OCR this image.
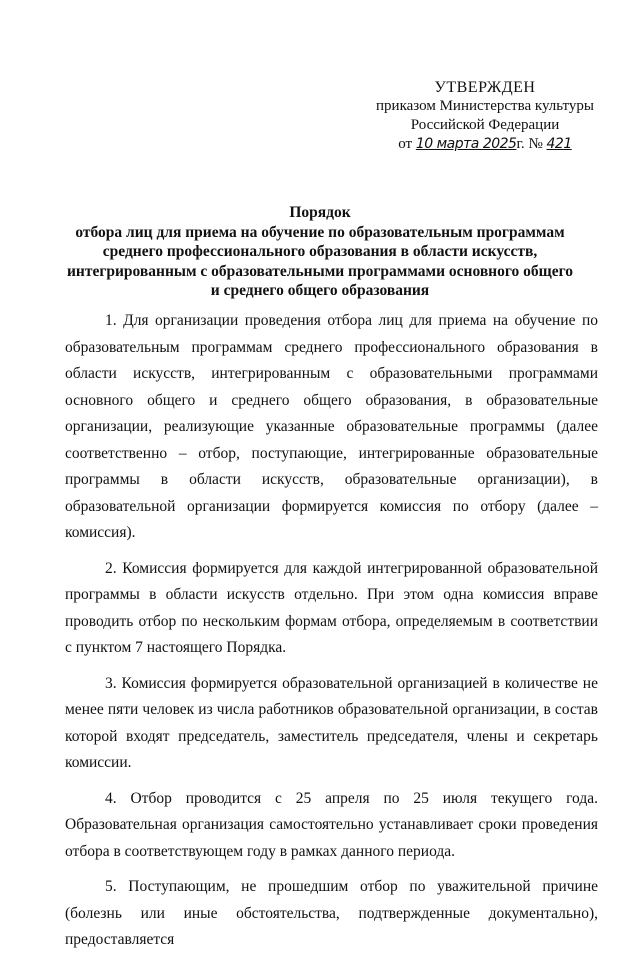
УТВЕРЖДЕН
приказом Министерства культуры
Российской Федерации
от 10 марта 2025г. № 421
Порядок
отбора лиц для приема на обучение по образовательным программам
среднего профессионального образования в области искусств,
интегрированным с образовательными программами основного общего
и среднего общего образования

1. Для организации проведения отбора лиц для приема на обучение по образовательным программам среднего профессионального образования в области искусств, интегрированным с образовательными программами основного общего и среднего общего образования, в образовательные организации, реализующие указанные образовательные программы (далее соответственно – отбор, поступающие, интегрированные образовательные программы в области искусств, образовательные организации), в образовательной организации формируется комиссия по отбору (далее – комиссия).

2. Комиссия формируется для каждой интегрированной образовательной программы в области искусств отдельно. При этом одна комиссия вправе проводить отбор по нескольким формам отбора, определяемым в соответствии с пунктом 7 настоящего Порядка.

3. Комиссия формируется образовательной организацией в количестве не менее пяти человек из числа работников образовательной организации, в состав которой входят председатель, заместитель председателя, члены и секретарь комиссии.

4. Отбор проводится с 25 апреля по 25 июля текущего года. Образовательная организация самостоятельно устанавливает сроки проведения отбора в соответствующем году в рамках данного периода.

5. Поступающим, не прошедшим отбор по уважительной причине (болезнь или иные обстоятельства, подтвержденные документально), предоставляется
